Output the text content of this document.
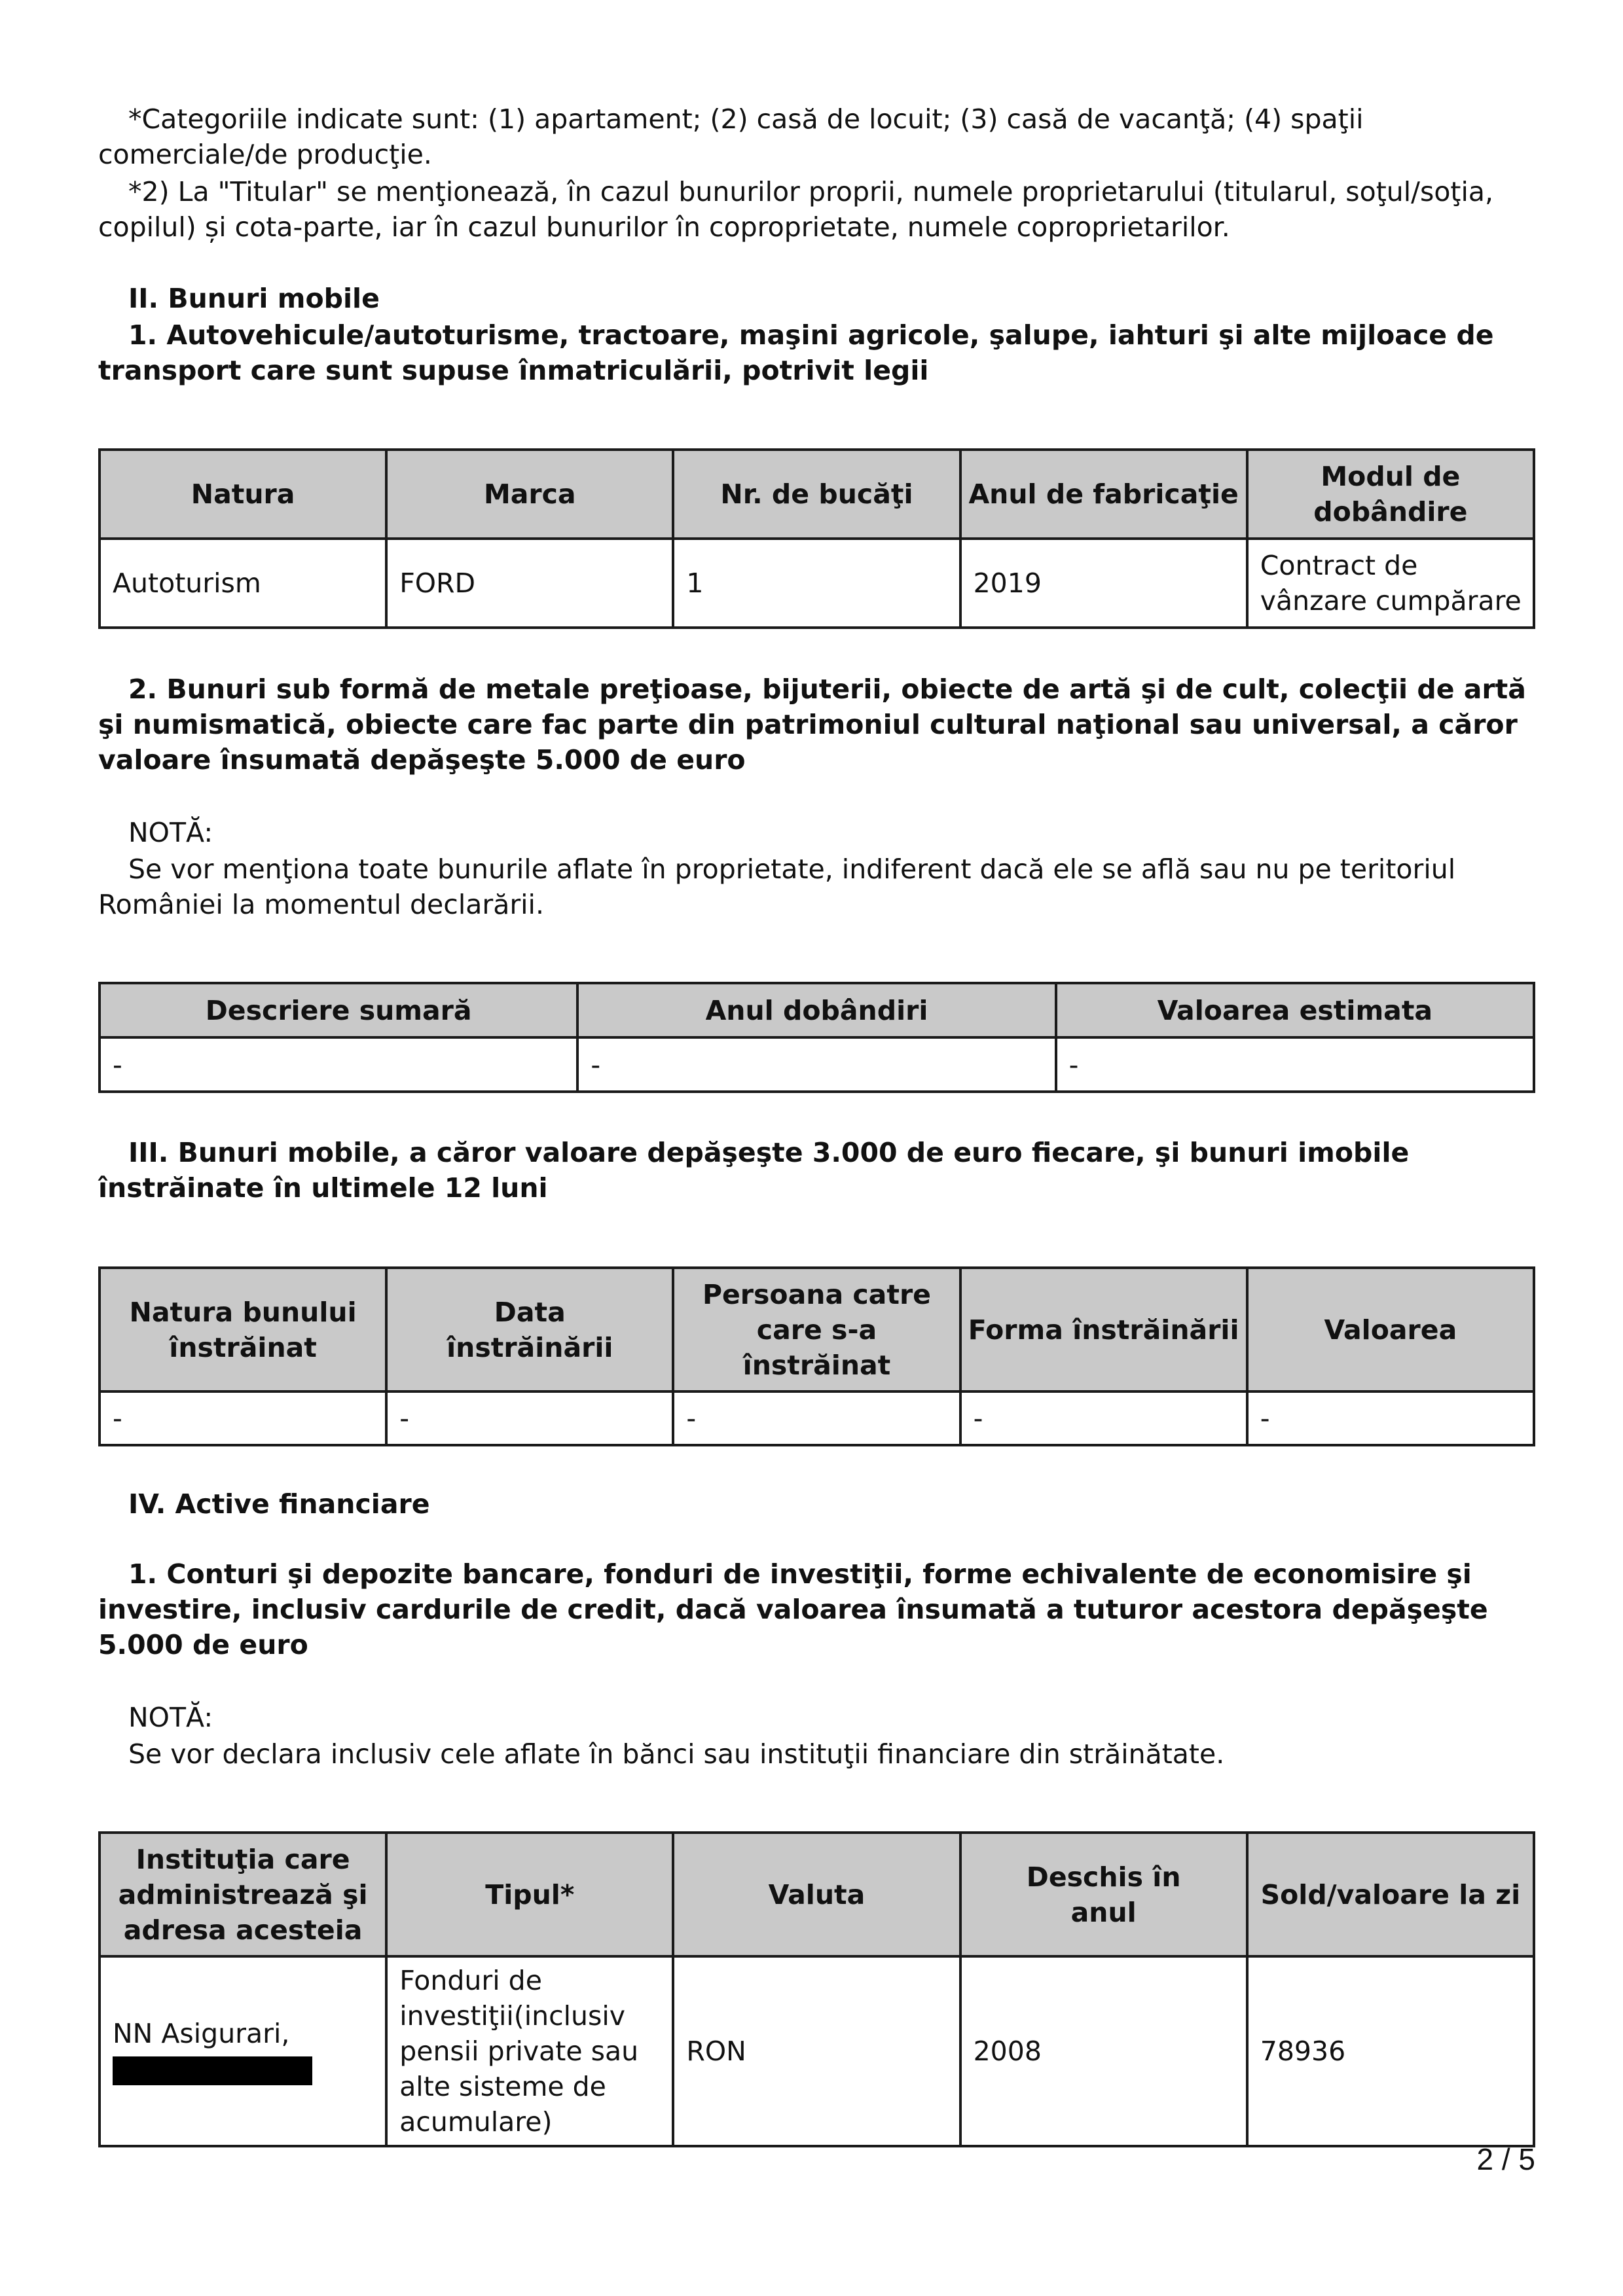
*Categoriile indicate sunt: (1) apartament; (2) casă de locuit; (3) casă de vacanţă; (4) spaţii comerciale/de producţie.

*2) La "Titular" se menţionează, în cazul bunurilor proprii, numele proprietarului (titularul, soţul/soţia, copilul) și cota-parte, iar în cazul bunurilor în coproprietate, numele coproprietarilor.

II. Bunuri mobile

1. Autovehicule/autoturisme, tractoare, maşini agricole, şalupe, iahturi şi alte mijloace de transport care sunt supuse înmatriculării, potrivit legii

Natura	Marca	Nr. de bucăţi	Anul de fabricaţie	Modul de dobândire
Autoturism	FORD	1	2019	Contract de vânzare cumpărare

2. Bunuri sub formă de metale preţioase, bijuterii, obiecte de artă şi de cult, colecţii de artă şi numismatică, obiecte care fac parte din patrimoniul cultural naţional sau universal, a căror valoare însumată depăşeşte 5.000 de euro

NOTĂ:

Se vor menţiona toate bunurile aflate în proprietate, indiferent dacă ele se află sau nu pe teritoriul României la momentul declarării.

Descriere sumară	Anul dobândiri	Valoarea estimata
-	-	-

III. Bunuri mobile, a căror valoare depăşeşte 3.000 de euro fiecare, şi bunuri imobile înstrăinate în ultimele 12 luni

Natura bunului înstrăinat	Data înstrăinării	Persoana catre care s-a înstrăinat	Forma înstrăinării	Valoarea
-	-	-	-	-

IV. Active financiare

1. Conturi şi depozite bancare, fonduri de investiţii, forme echivalente de economisire şi investire, inclusiv cardurile de credit, dacă valoarea însumată a tuturor acestora depăşeşte 5.000 de euro

NOTĂ:

Se vor declara inclusiv cele aflate în bănci sau instituţii financiare din străinătate.

Instituţia care administrează şi adresa acesteia	Tipul*	Valuta	Deschis în anul	Sold/valoare la zi
NN Asigurari,	Fonduri de investiţii(inclusiv pensii private sau alte sisteme de acumulare)	RON	2008	78936
2 / 5
